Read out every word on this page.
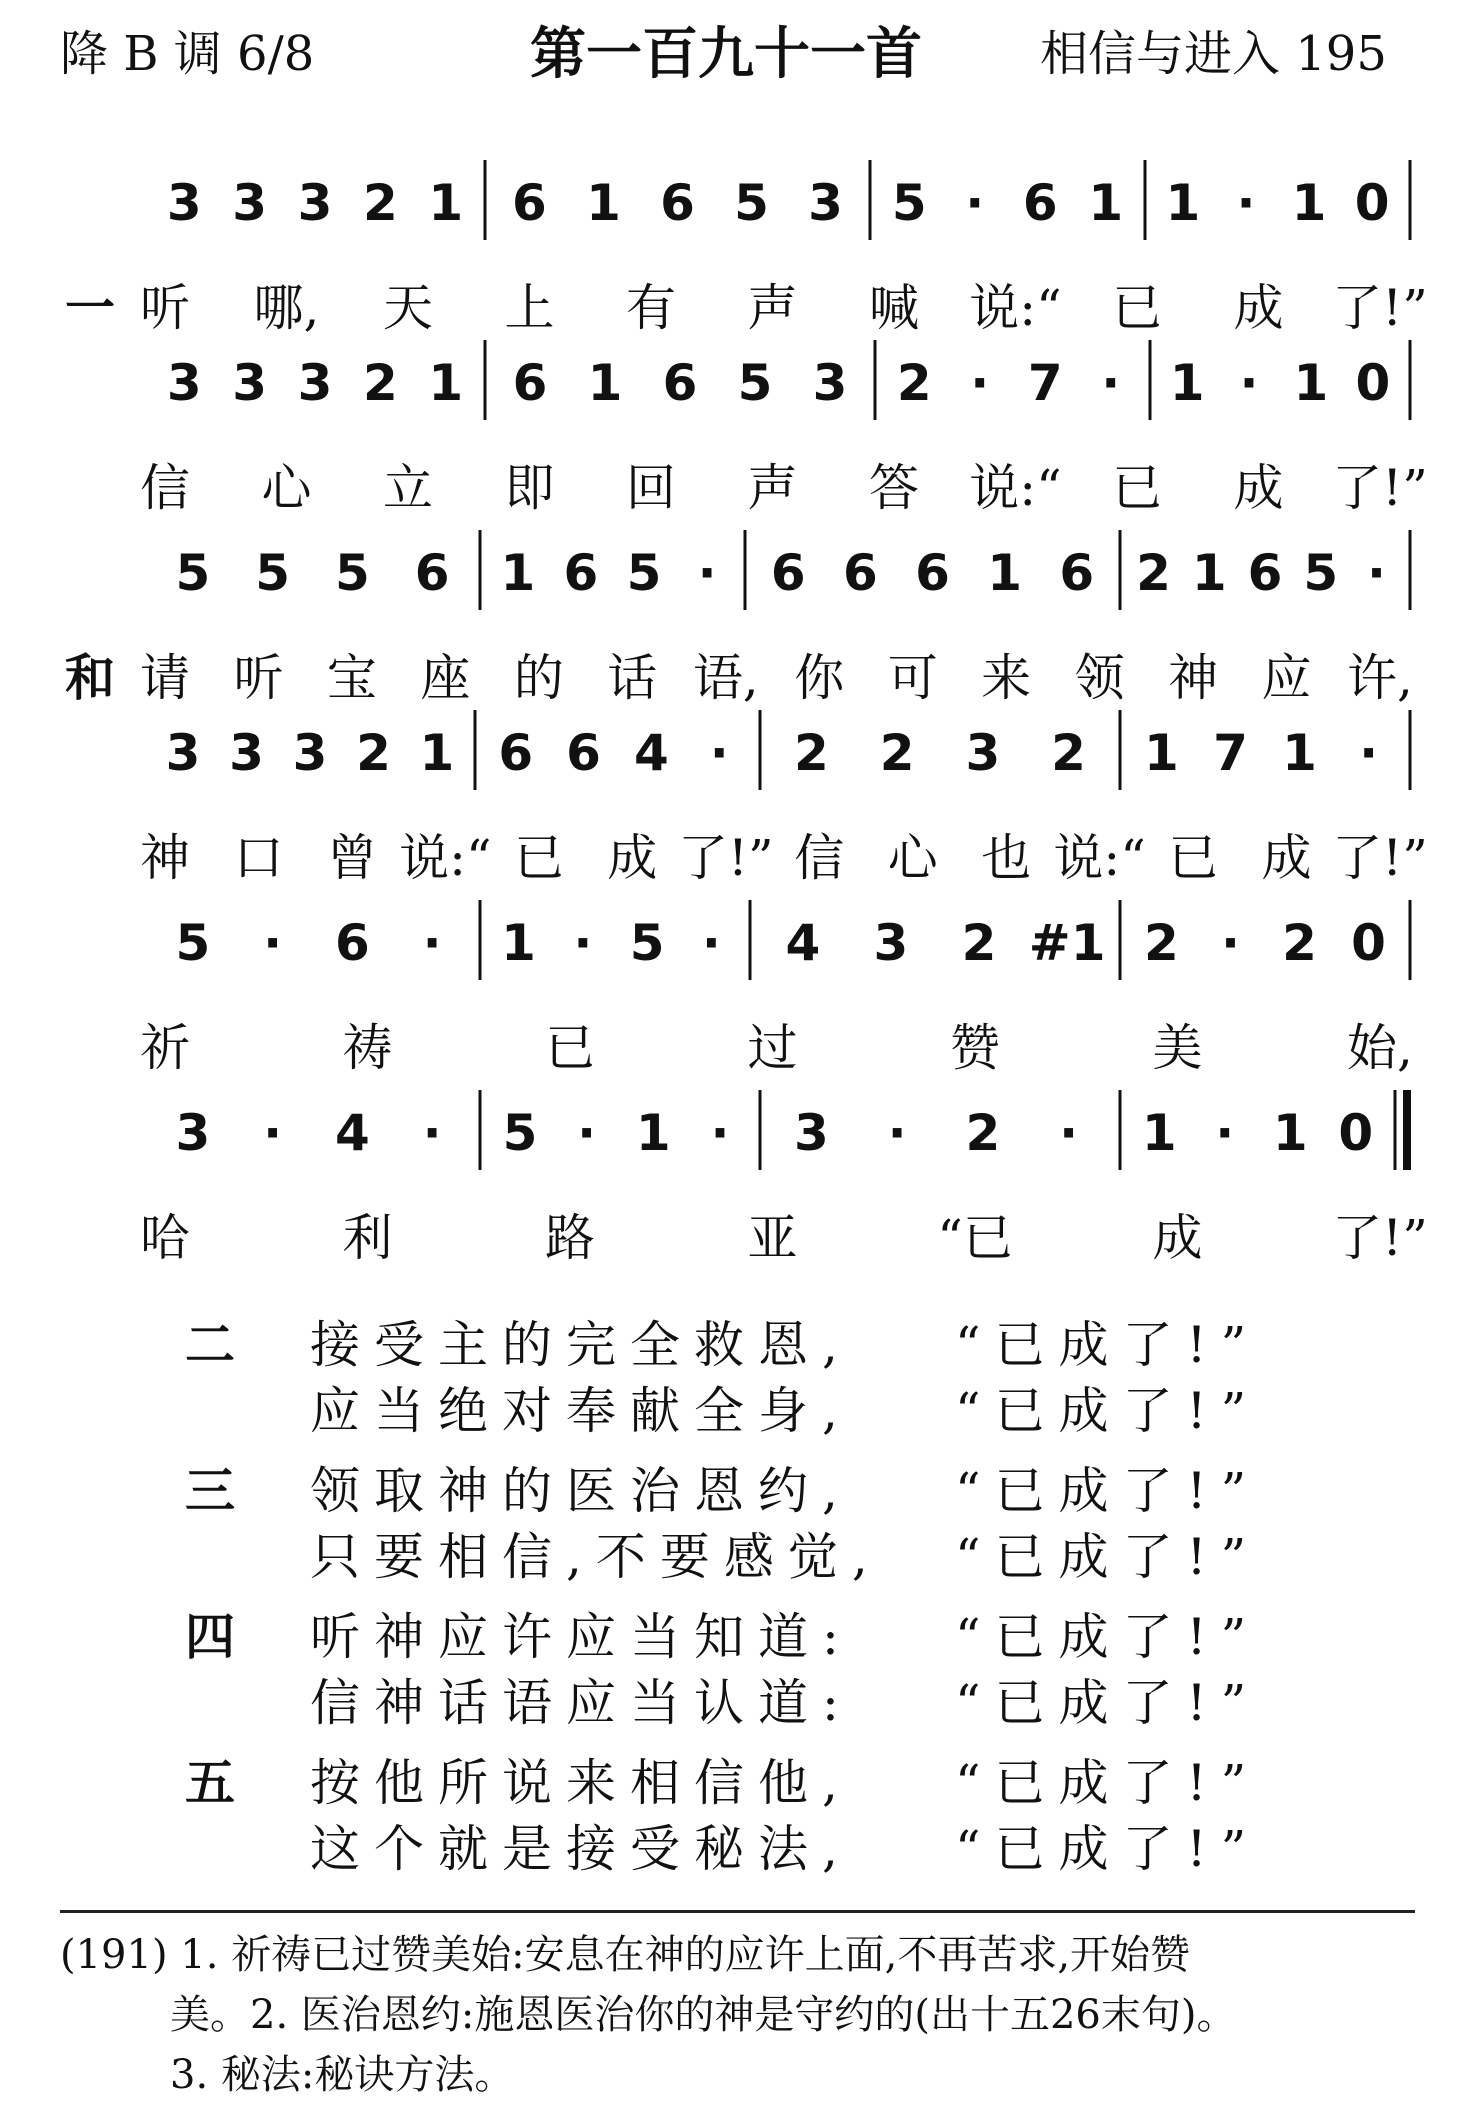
降 B 调 6/8	第一百九十一首 相信与进入 195
3 3 3 2 1 6 1 6 5 3 5 · 6 1 1 · 1 0
3 3 3 2 1 6 1 6 5 3 2 · 7 · 1 · 1 0
5 5 5 6 1 6 5 · 6 6 6 1 6 2 1 6 5 ·
3 3 3 2 1 6 6 4 · 2 2 3 2 1 7 1 ·
5 · 6 · 1 · 5 · 4 3 2 #1 2 · 2 0
3 · 4 · 5 · 1 · 3 · 2 · 1 · 1 0
听 哪, 天 上 有 声 喊 说:“ 已 成 了!”
信 心 立 即 回 声 答 说:“ 已 成 了!”
请 听 宝 座 的 话 语, 你 可 来 领 神 应 许,
神 口 曾 说:“ 已 成 了!” 信 心 也 说:“ 已 成 了!”
祈	祷	已	过	赞	美	始,
哈	利	路	亚	“已	成	了!”
一
和
二 接受主的完全救恩, “已成了!”
应当绝对奉献全身, “已成了!”
三 领取神的医治恩约, “已成了!”
只要相信,不要感觉, “已成了!”
四 听神应许应当知道: “已成了!”
信神话语应当认道: “已成了!”
五 按他所说来相信他, “已成了!”
这个就是接受秘法, “已成了!”
(191) 1. 祈祷已过赞美始:安息在神的应许上面,不再苦求,开始赞
美。2. 医治恩约:施恩医治你的神是守约的(出十五26末句)。
3. 秘法:秘诀方法。
